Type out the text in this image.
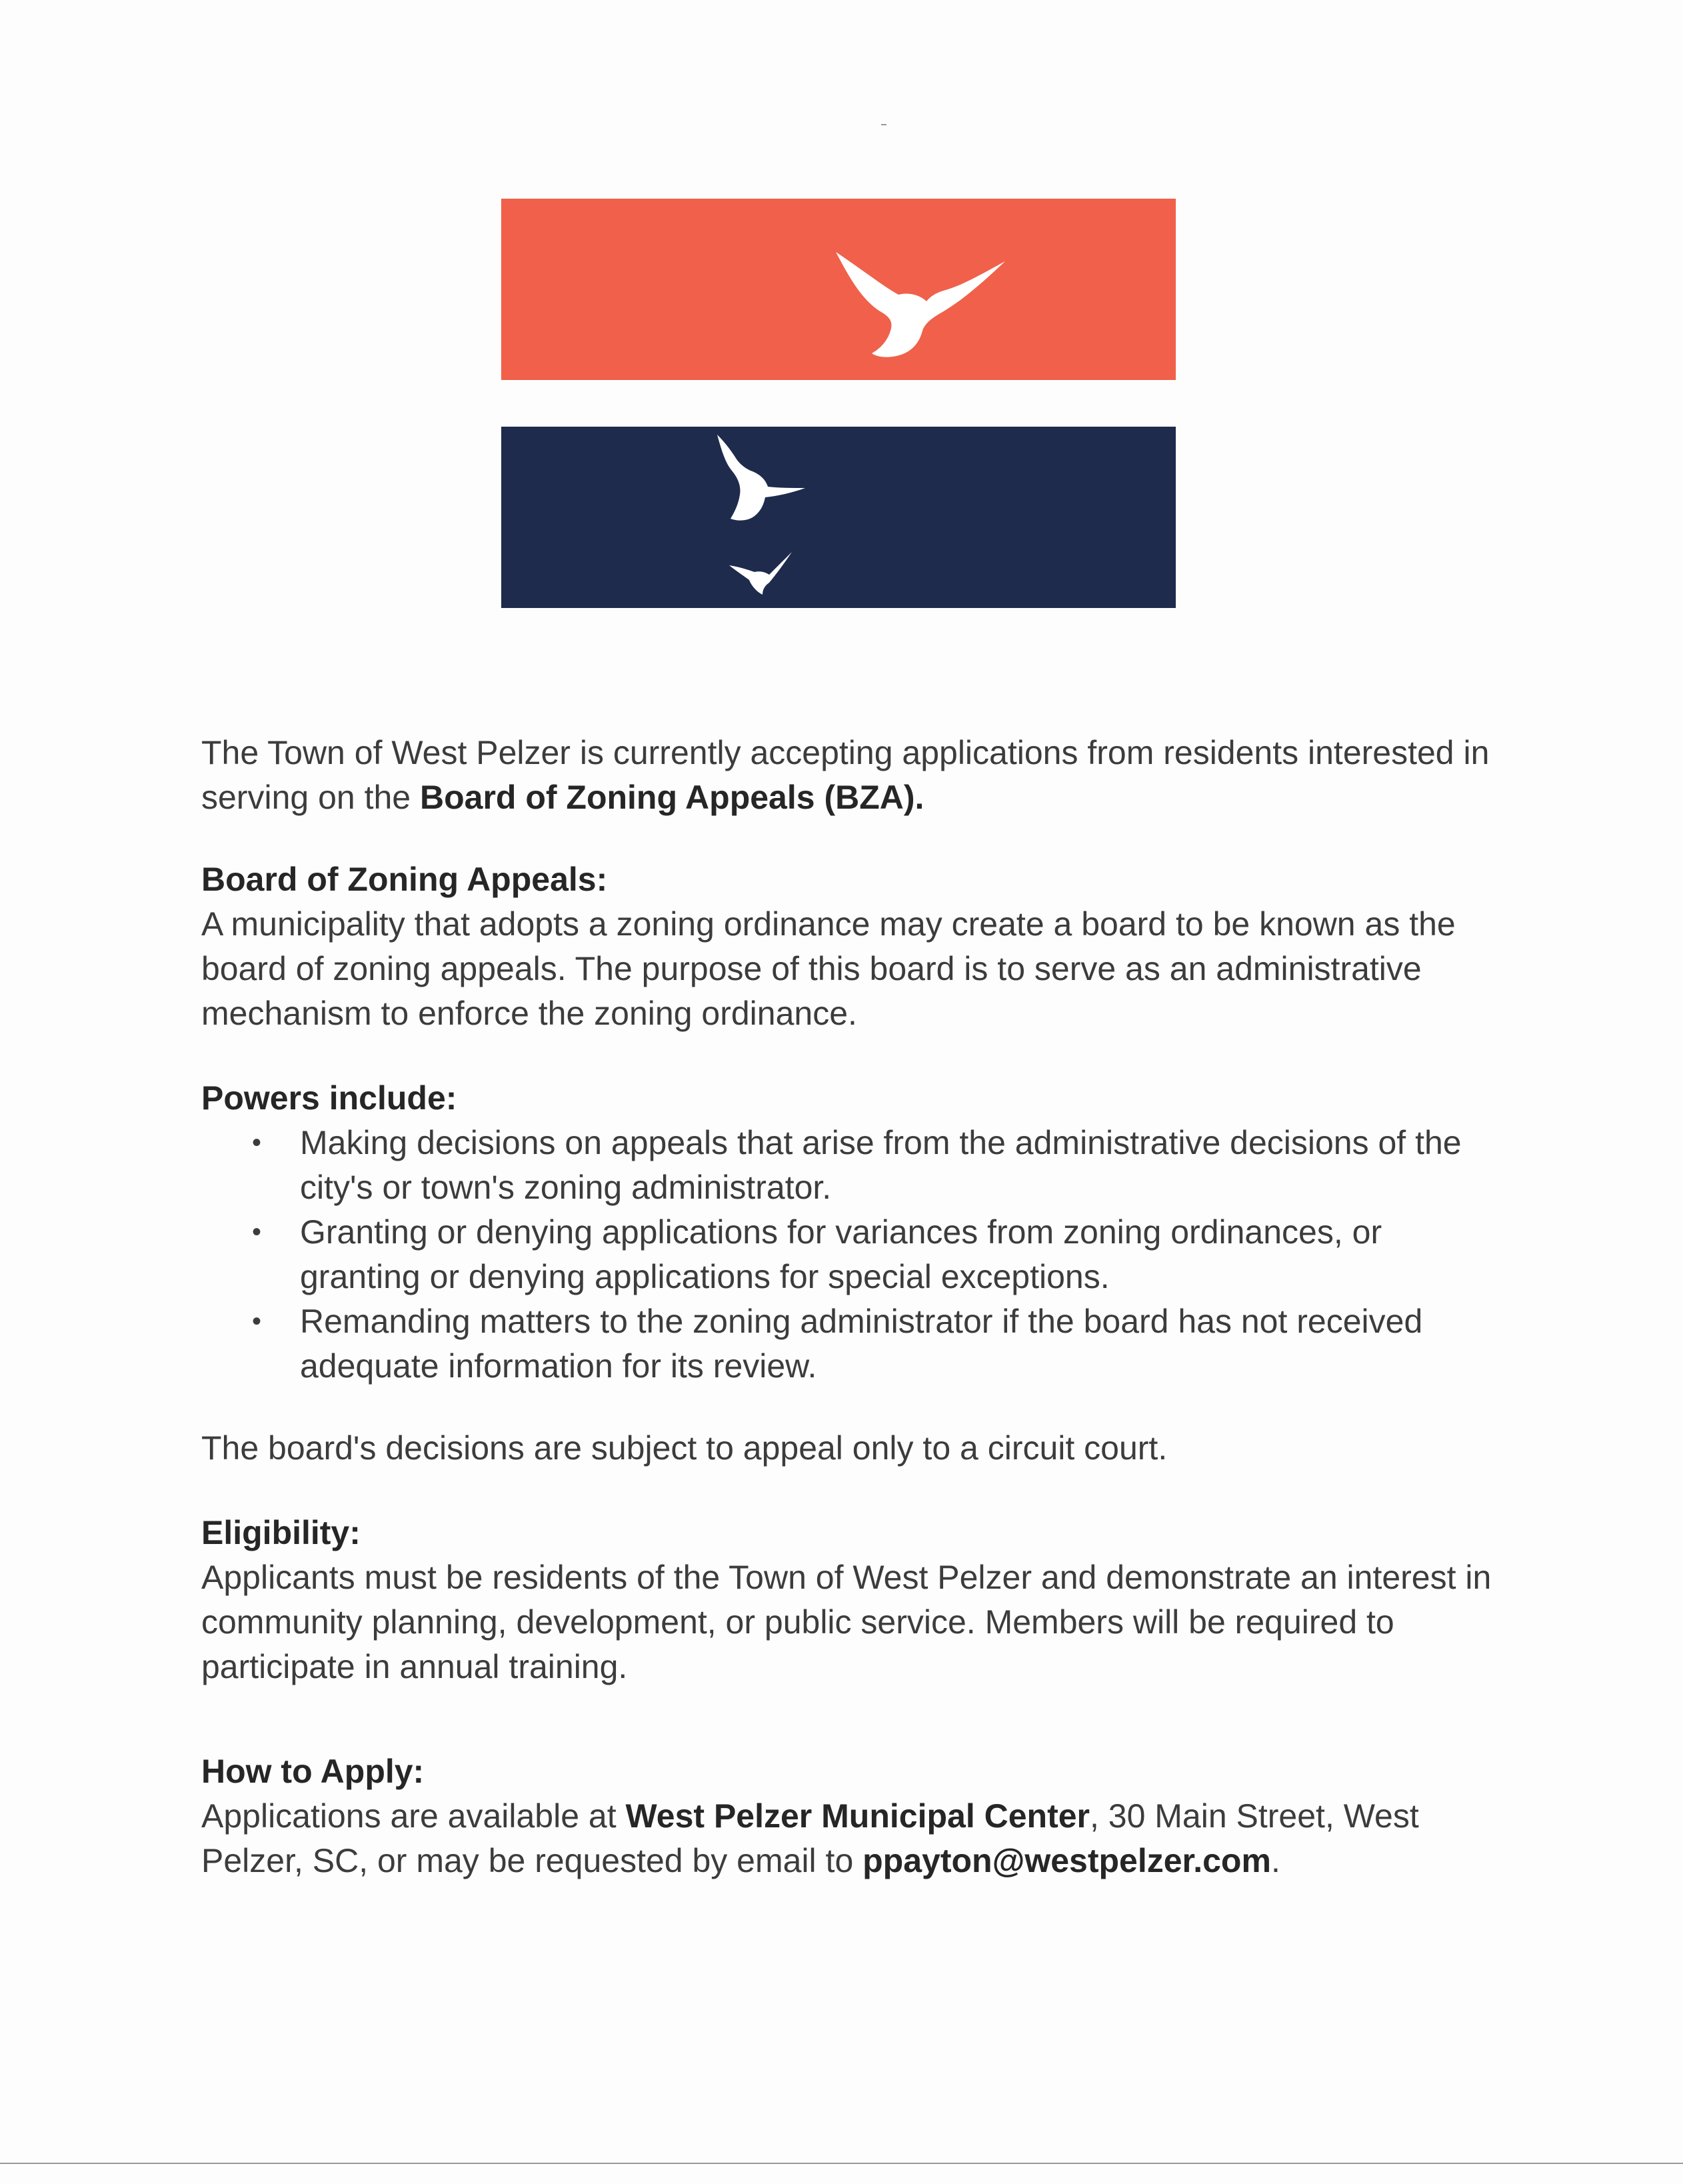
The Town of West Pelzer is currently accepting applications from residents interested in serving on the Board of Zoning Appeals (BZA).

Board of Zoning Appeals:

A municipality that adopts a zoning ordinance may create a board to be known as the board of zoning appeals. The purpose of this board is to serve as an administrative mechanism to enforce the zoning ordinance.

Powers include:

• Making decisions on appeals that arise from the administrative decisions of the city's or town's zoning administrator.
• Granting or denying applications for variances from zoning ordinances, or granting or denying applications for special exceptions.
• Remanding matters to the zoning administrator if the board has not received adequate information for its review.

The board's decisions are subject to appeal only to a circuit court.

Eligibility:

Applicants must be residents of the Town of West Pelzer and demonstrate an interest in community planning, development, or public service. Members will be required to participate in annual training.

How to Apply:

Applications are available at West Pelzer Municipal Center, 30 Main Street, West Pelzer, SC, or may be requested by email to ppayton@westpelzer.com.
